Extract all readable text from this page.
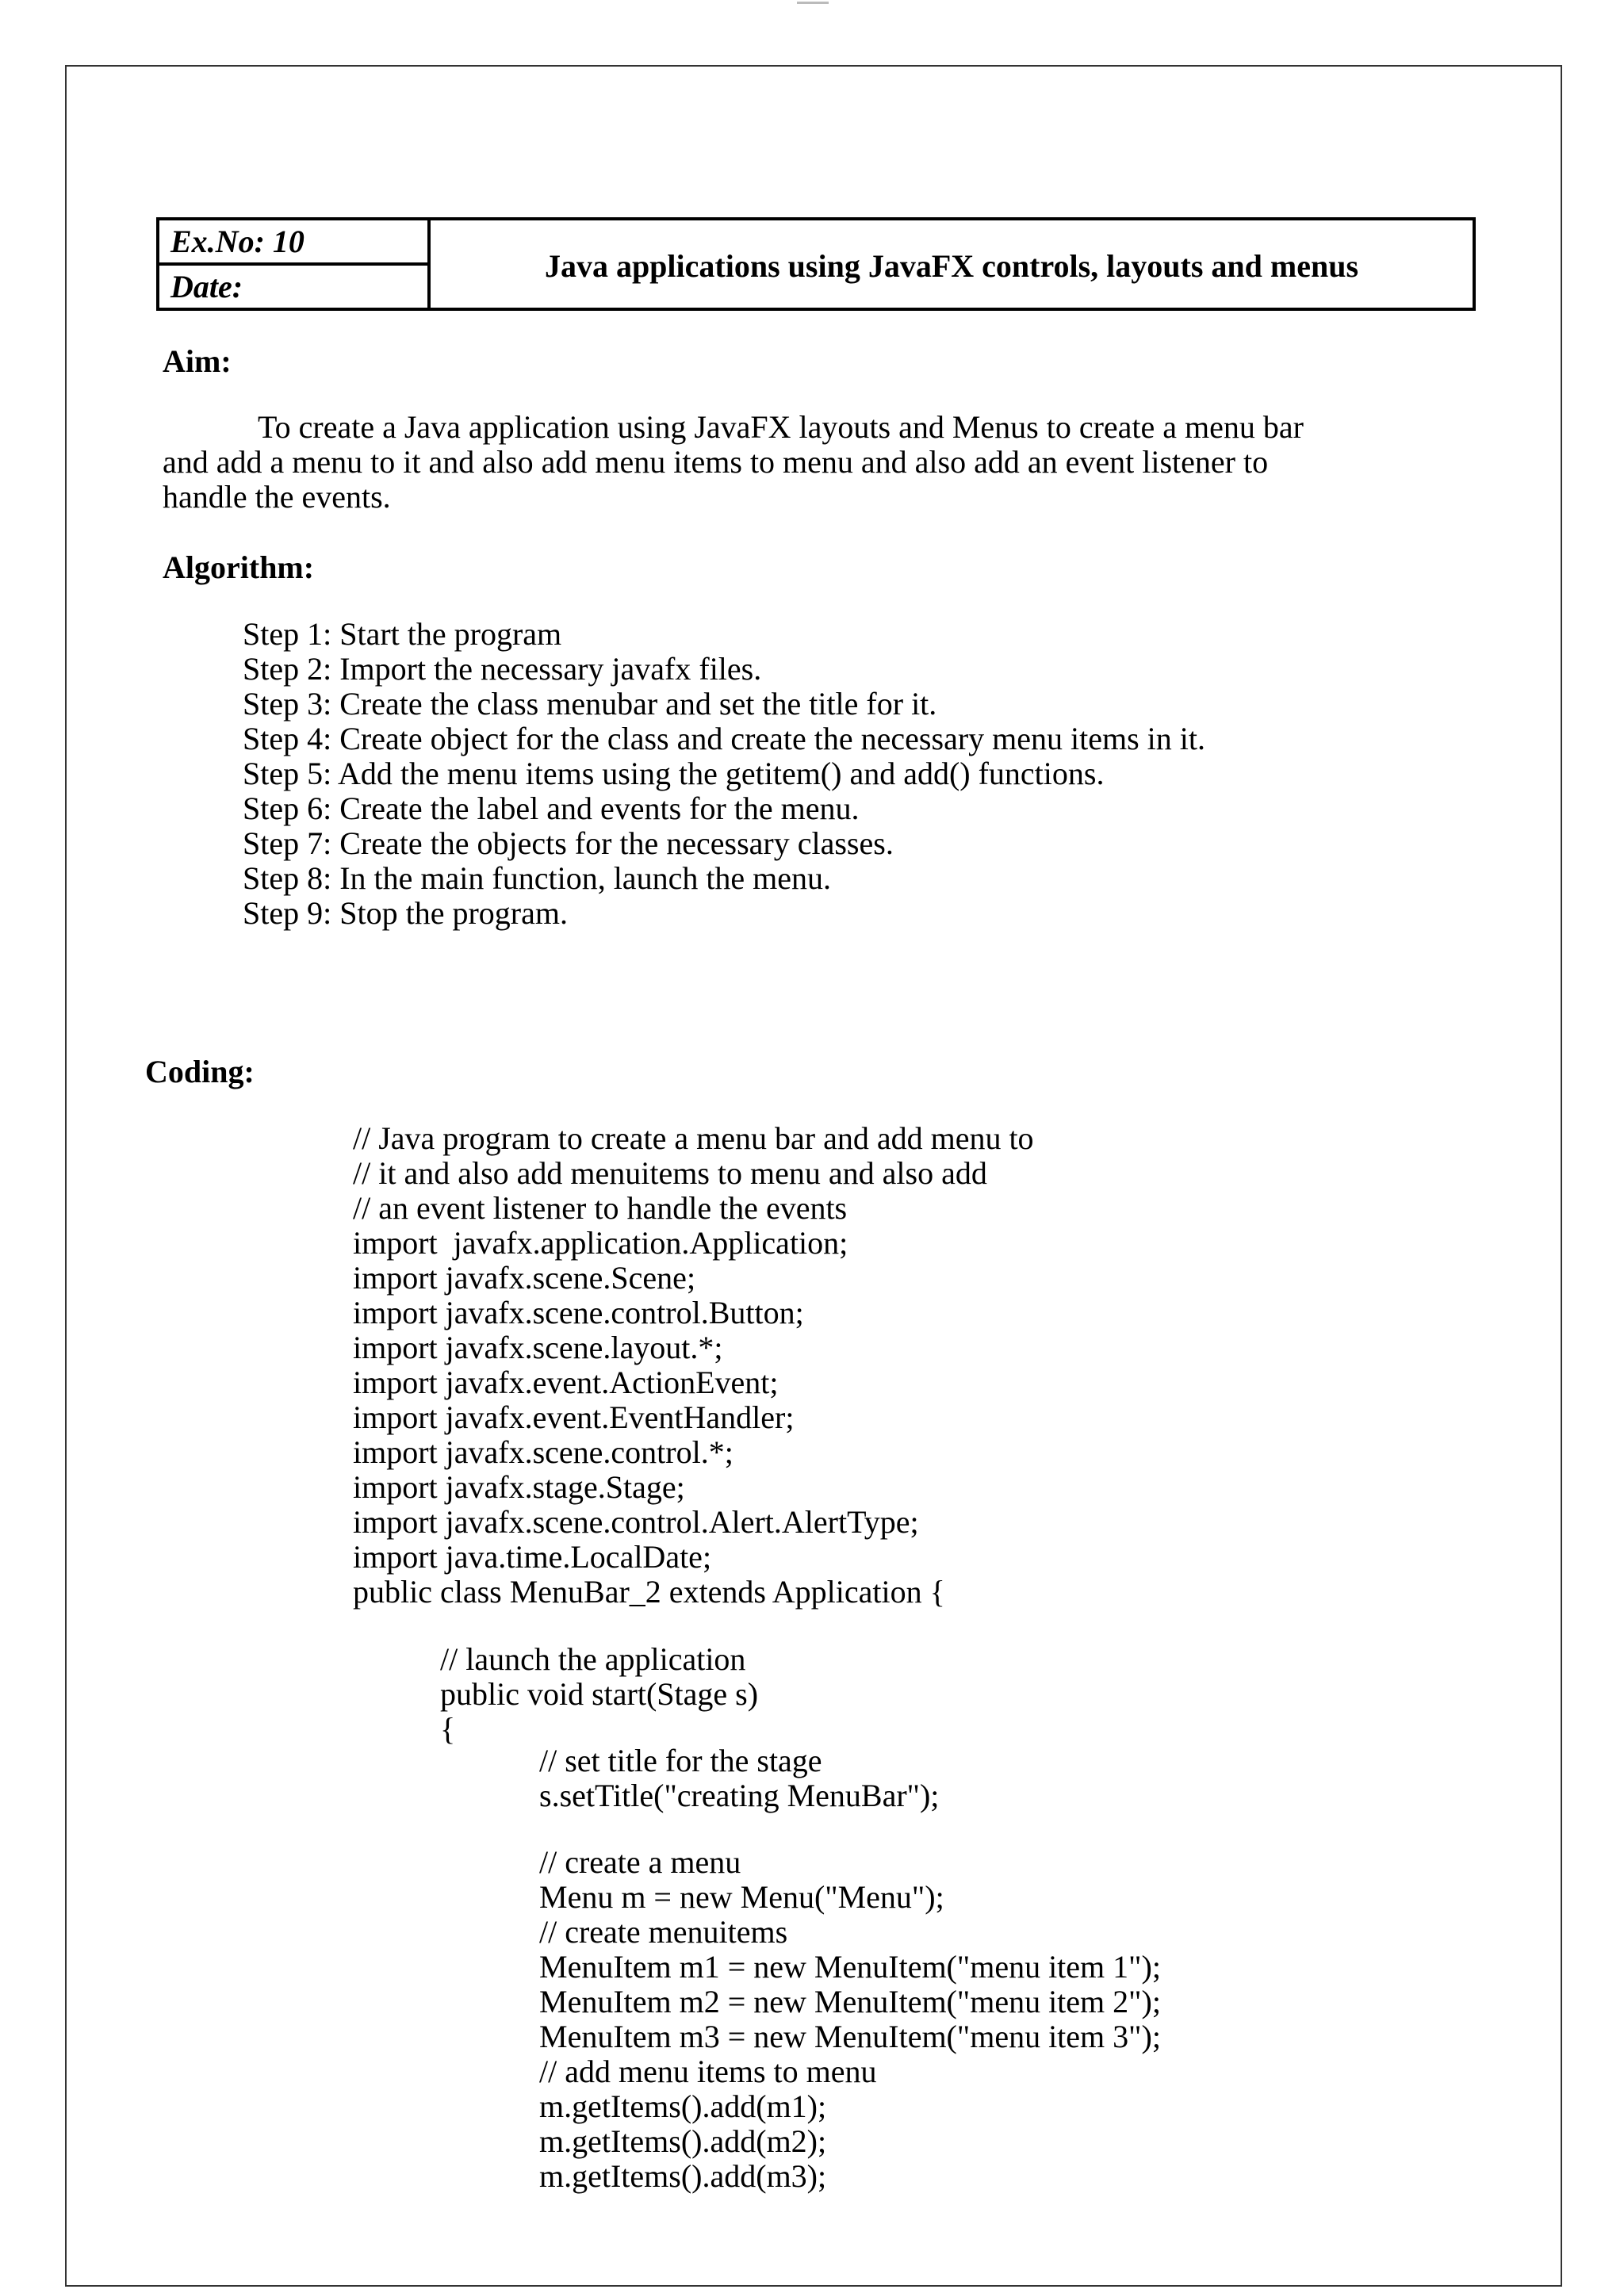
Ex.No: 10
Date:
Java applications using JavaFX controls, layouts and menus
Aim:

To create a Java application using JavaFX layouts and Menus to create a menu bar
and add a menu to it and also add menu items to menu and also add an event listener to
handle the events.

Algorithm:
Step 1: Start the program
Step 2: Import the necessary javafx files.
Step 3: Create the class menubar and set the title for it.
Step 4: Create object for the class and create the necessary menu items in it.
Step 5: Add the menu items using the getitem() and add() functions.
Step 6: Create the label and events for the menu.
Step 7: Create the objects for the necessary classes.
Step 8: In the main function, launch the menu.
Step 9: Stop the program.
Coding:
// Java program to create a menu bar and add menu to
// it and also add menuitems to menu and also add
// an event listener to handle the events
import  javafx.application.Application;
import javafx.scene.Scene;
import javafx.scene.control.Button;
import javafx.scene.layout.*;
import javafx.event.ActionEvent;
import javafx.event.EventHandler;
import javafx.scene.control.*;
import javafx.stage.Stage;
import javafx.scene.control.Alert.AlertType;
import java.time.LocalDate;
public class MenuBar_2 extends Application {
// launch the application
public void start(Stage s)
{
// set title for the stage
s.setTitle("creating MenuBar");
// create a menu
Menu m = new Menu("Menu");
// create menuitems
MenuItem m1 = new MenuItem("menu item 1");
MenuItem m2 = new MenuItem("menu item 2");
MenuItem m3 = new MenuItem("menu item 3");
// add menu items to menu
m.getItems().add(m1);
m.getItems().add(m2);
m.getItems().add(m3);
